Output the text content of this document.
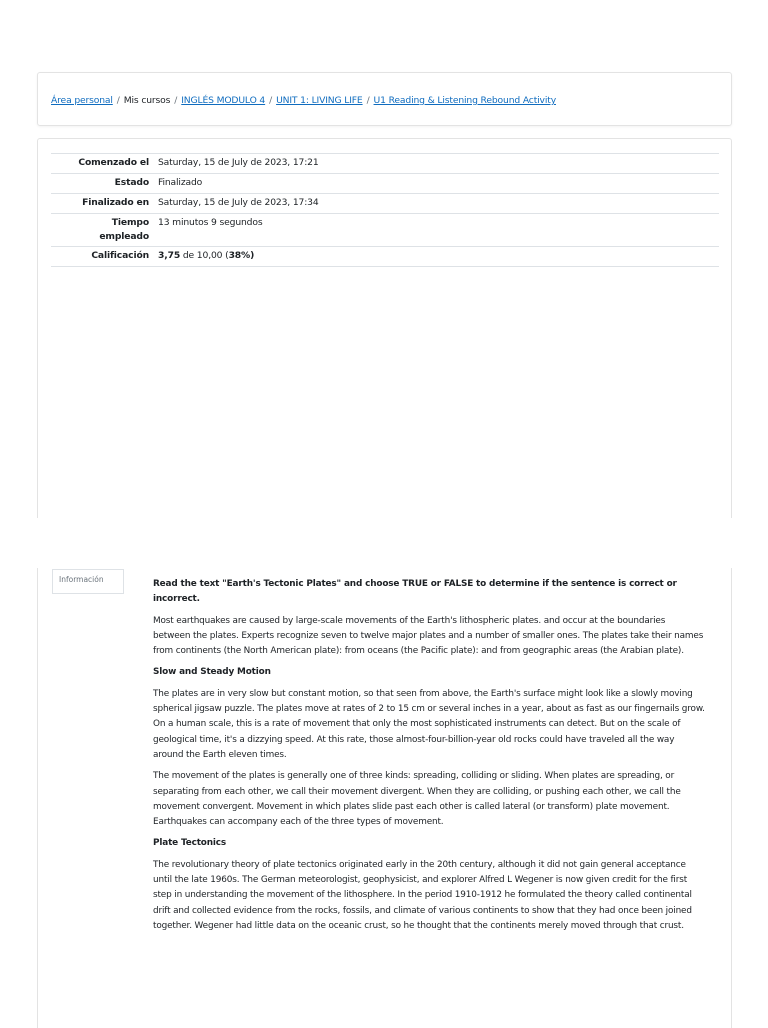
Área personal / Mis cursos / INGLÉS MODULO 4 / UNIT 1: LIVING LIFE / U1 Reading & Listening Rebound Activity
Comenzado el	Saturday, 15 de July de 2023, 17:21
Estado	Finalizado
Finalizado en	Saturday, 15 de July de 2023, 17:34
Tiempo
empleado	13 minutos 9 segundos
Calificación	3,75 de 10,00 (38%)
Información	Read the text "Earth's Tectonic Plates" and choose TRUE or FALSE to determine if the sentence is correct or incorrect.

Most earthquakes are caused by large-scale movements of the Earth's lithospheric plates. and occur at the boundaries between the plates. Experts recognize seven to twelve major plates and a number of smaller ones. The plates take their names from continents (the North American plate): from oceans (the Pacific plate): and from geographic areas (the Arabian plate).

Slow and Steady Motion

The plates are in very slow but constant motion, so that seen from above, the Earth's surface might look like a slowly moving spherical jigsaw puzzle. The plates move at rates of 2 to 15 cm or several inches in a year, about as fast as our fingernails grow. On a human scale, this is a rate of movement that only the most sophisticated instruments can detect. But on the scale of geological time, it's a dizzying speed. At this rate, those almost-four-billion-year old rocks could have traveled all the way around the Earth eleven times.

The movement of the plates is generally one of three kinds: spreading, colliding or sliding. When plates are spreading, or separating from each other, we call their movement divergent. When they are colliding, or pushing each other, we call the movement convergent. Movement in which plates slide past each other is called lateral (or transform) plate movement. Earthquakes can accompany each of the three types of movement.

Plate Tectonics

The revolutionary theory of plate tectonics originated early in the 20th century, although it did not gain general acceptance until the late 1960s. The German meteorologist, geophysicist, and explorer Alfred L Wegener is now given credit for the first step in understanding the movement of the lithosphere. In the period 1910-1912 he formulated the theory called continental drift and collected evidence from the rocks, fossils, and climate of various continents to show that they had once been joined together. Wegener had little data on the oceanic crust, so he thought that the continents merely moved through that crust.
